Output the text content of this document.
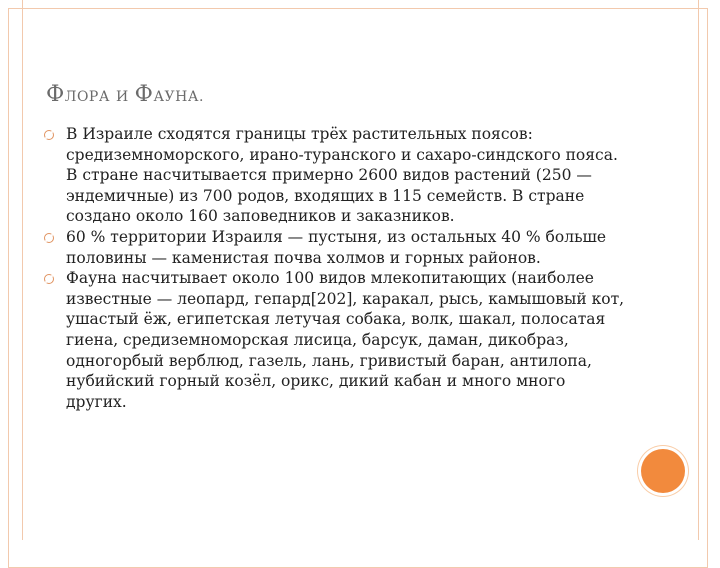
ФЛОРА И ФАУНА.
В Израиле сходятся границы трёх растительных поясов: средиземноморского, ирано-туранского и сахаро-синдского пояса. В стране насчитывается примерно 2600 видов растений (250 — эндемичные) из 700 родов, входящих в 115 семейств. В стране создано около 160 заповедников и заказников.
60 % территории Израиля — пустыня, из остальных 40 % больше половины — каменистая почва холмов и горных районов.
Фауна насчитывает около 100 видов млекопитающих (наиболее известные — леопард, гепард[202], каракал, рысь, камышовый кот, ушастый ёж, египетская летучая собака, волк, шакал, полосатая гиена, средиземноморская лисица, барсук, даман, дикобраз, одногорбый верблюд, газель, лань, гривистый баран, антилопа, нубийский горный козёл, орикс, дикий кабан и много много других.
